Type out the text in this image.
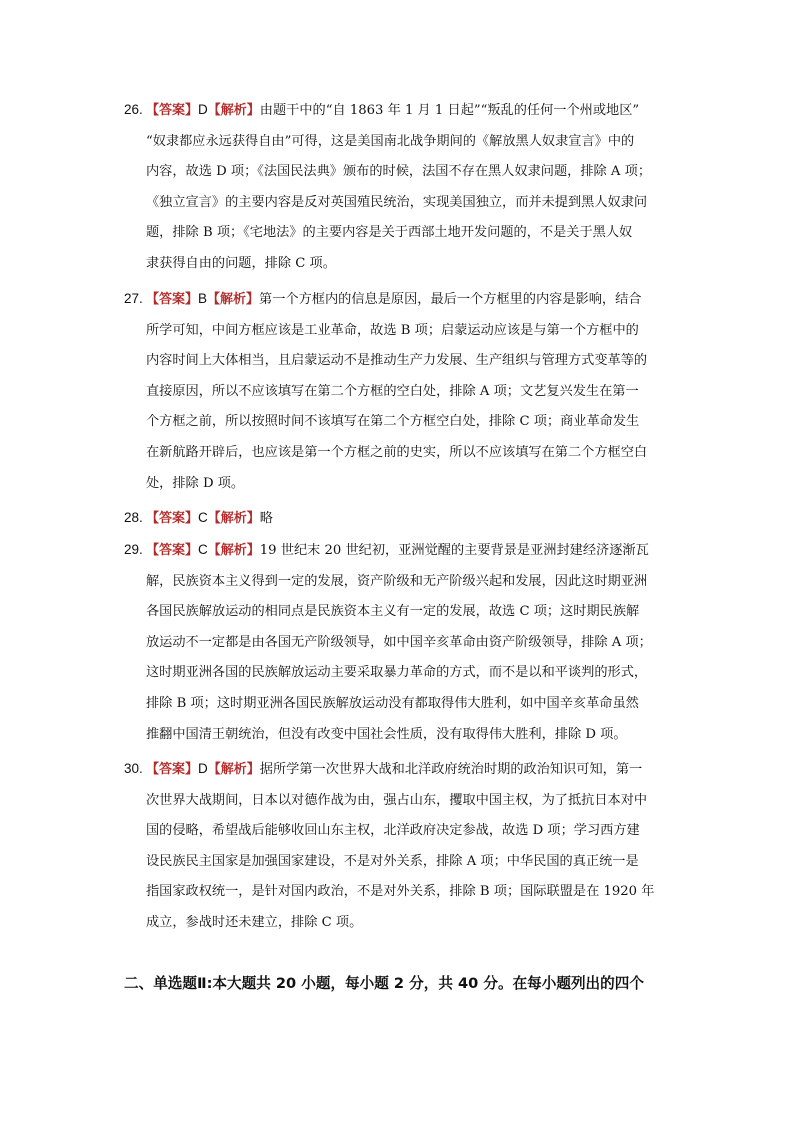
26. 【答案】D【解析】由题干中的“自 1863 年 1 月 1 日起”“叛乱的任何一个州或地区”
“奴隶都应永远获得自由”可得，这是美国南北战争期间的《解放黑人奴隶宣言》中的
内容，故选 D 项；《法国民法典》颁布的时候，法国不存在黑人奴隶问题，排除 A 项；
《独立宣言》的主要内容是反对英国殖民统治，实现美国独立，而并未提到黑人奴隶问
题，排除 B 项；《宅地法》的主要内容是关于西部土地开发问题的，不是关于黑人奴
隶获得自由的问题，排除 C 项。
27. 【答案】B【解析】第一个方框内的信息是原因，最后一个方框里的内容是影响，结合
所学可知，中间方框应该是工业革命，故选 B 项；启蒙运动应该是与第一个方框中的
内容时间上大体相当，且启蒙运动不是推动生产力发展、生产组织与管理方式变革等的
直接原因，所以不应该填写在第二个方框的空白处，排除 A 项；文艺复兴发生在第一
个方框之前，所以按照时间不该填写在第二个方框空白处，排除 C 项；商业革命发生
在新航路开辟后，也应该是第一个方框之前的史实，所以不应该填写在第二个方框空白
处，排除 D 项。
28. 【答案】C【解析】略
29. 【答案】C【解析】19 世纪末 20 世纪初，亚洲觉醒的主要背景是亚洲封建经济逐渐瓦
解，民族资本主义得到一定的发展，资产阶级和无产阶级兴起和发展，因此这时期亚洲
各国民族解放运动的相同点是民族资本主义有一定的发展，故选 C 项；这时期民族解
放运动不一定都是由各国无产阶级领导，如中国辛亥革命由资产阶级领导，排除 A 项；
这时期亚洲各国的民族解放运动主要采取暴力革命的方式，而不是以和平谈判的形式，
排除 B 项；这时期亚洲各国民族解放运动没有都取得伟大胜利，如中国辛亥革命虽然
推翻中国清王朝统治，但没有改变中国社会性质，没有取得伟大胜利，排除 D 项。
30. 【答案】D【解析】据所学第一次世界大战和北洋政府统治时期的政治知识可知，第一
次世界大战期间，日本以对德作战为由，强占山东，攫取中国主权，为了抵抗日本对中
国的侵略，希望战后能够收回山东主权，北洋政府决定参战，故选 D 项；学习西方建
设民族民主国家是加强国家建设，不是对外关系，排除 A 项；中华民国的真正统一是
指国家政权统一，是针对国内政治，不是对外关系，排除 B 项；国际联盟是在 1920 年
成立，参战时还未建立，排除 C 项。
二、单选题Ⅱ:本大题共 20 小题，每小题 2 分，共 40 分。在每小题列出的四个
